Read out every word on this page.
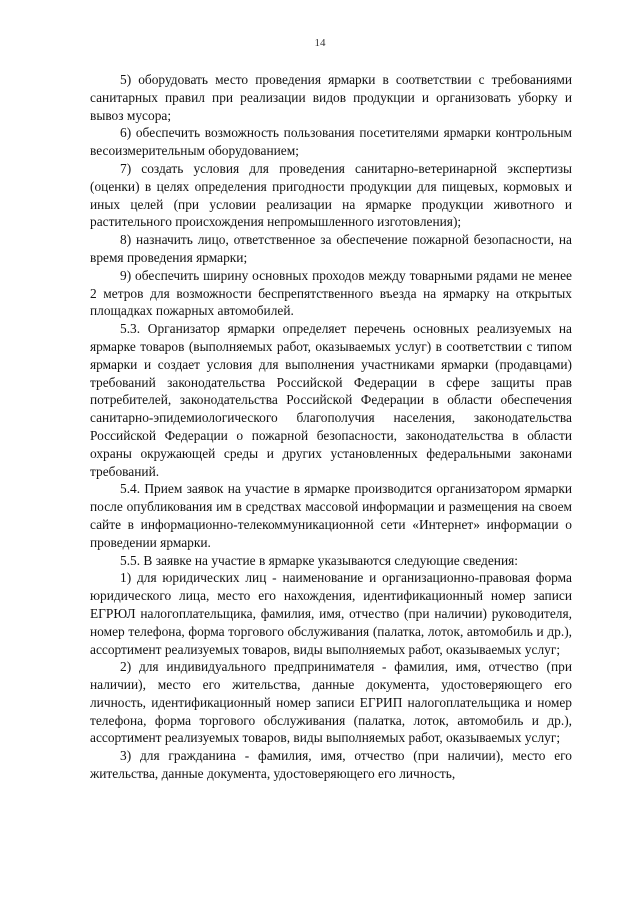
14

5) оборудовать место проведения ярмарки в соответствии с требованиями санитарных правил при реализации видов продукции и организовать уборку и вывоз мусора;

6) обеспечить возможность пользования посетителями ярмарки контрольным весоизмерительным оборудованием;

7) создать условия для проведения санитарно-ветеринарной экспертизы (оценки) в целях определения пригодности продукции для пищевых, кормовых и иных целей (при условии реализации на ярмарке продукции животного и растительного происхождения непромышленного изготовления);

8) назначить лицо, ответственное за обеспечение пожарной безопасности, на время проведения ярмарки;

9) обеспечить ширину основных проходов между товарными рядами не менее 2 метров для возможности беспрепятственного въезда на ярмарку на открытых площадках пожарных автомобилей.

5.3. Организатор ярмарки определяет перечень основных реализуемых на ярмарке товаров (выполняемых работ, оказываемых услуг) в соответствии с типом ярмарки и создает условия для выполнения участниками ярмарки (продавцами) требований законодательства Российской Федерации в сфере защиты прав потребителей, законодательства Российской Федерации в области обеспечения санитарно-эпидемиологического благополучия населения, законодательства Российской Федерации о пожарной безопасности, законодательства в области охраны окружающей среды и других установленных федеральными законами требований.

5.4. Прием заявок на участие в ярмарке производится организатором ярмарки после опубликования им в средствах массовой информации и размещения на своем сайте в информационно-телекоммуникационной сети «Интернет» информации о проведении ярмарки.

5.5. В заявке на участие в ярмарке указываются следующие сведения:

1) для юридических лиц - наименование и организационно-правовая форма юридического лица, место его нахождения, идентификационный номер записи ЕГРЮЛ налогоплательщика, фамилия, имя, отчество (при наличии) руководителя, номер телефона, форма торгового обслуживания (палатка, лоток, автомобиль и др.), ассортимент реализуемых товаров, виды выполняемых работ, оказываемых услуг;

2) для индивидуального предпринимателя - фамилия, имя, отчество (при наличии), место его жительства, данные документа, удостоверяющего его личность, идентификационный номер записи ЕГРИП налогоплательщика и номер телефона, форма торгового обслуживания (палатка, лоток, автомобиль и др.), ассортимент реализуемых товаров, виды выполняемых работ, оказываемых услуг;

3) для гражданина - фамилия, имя, отчество (при наличии), место его жительства, данные документа, удостоверяющего его личность,
